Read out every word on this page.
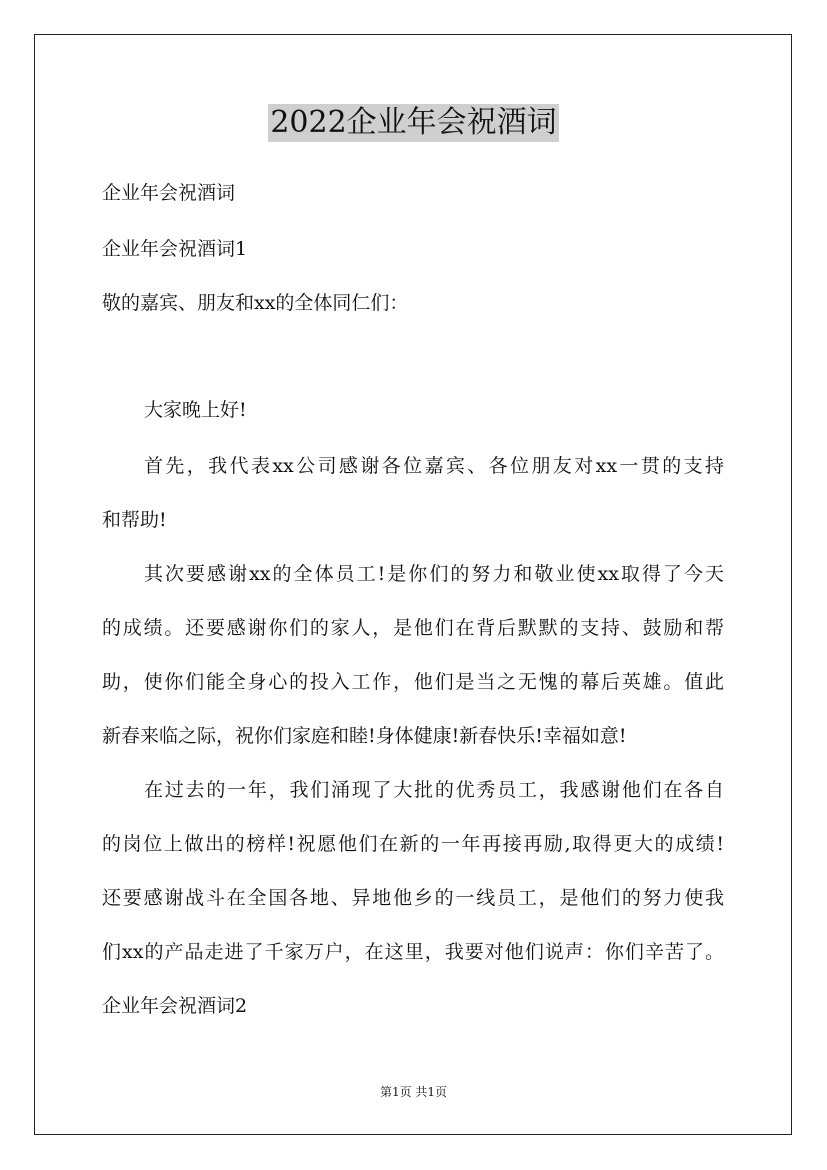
2022企业年会祝酒词
企业年会祝酒词
企业年会祝酒词1
敬的嘉宾、朋友和xx的全体同仁们：
大家晚上好!
首先，我代表xx公司感谢各位嘉宾、各位朋友对xx一贯的支持
和帮助!
其次要感谢xx的全体员工!是你们的努力和敬业使xx取得了今天
的成绩。还要感谢你们的家人，是他们在背后默默的支持、鼓励和帮
助，使你们能全身心的投入工作，他们是当之无愧的幕后英雄。值此
新春来临之际，祝你们家庭和睦!身体健康!新春快乐!幸福如意!
在过去的一年，我们涌现了大批的优秀员工，我感谢他们在各自
的岗位上做出的榜样!祝愿他们在新的一年再接再励,取得更大的成绩!
还要感谢战斗在全国各地、异地他乡的一线员工，是他们的努力使我
们xx的产品走进了千家万户，在这里，我要对他们说声：你们辛苦了。
企业年会祝酒词2
第1页 共1页
